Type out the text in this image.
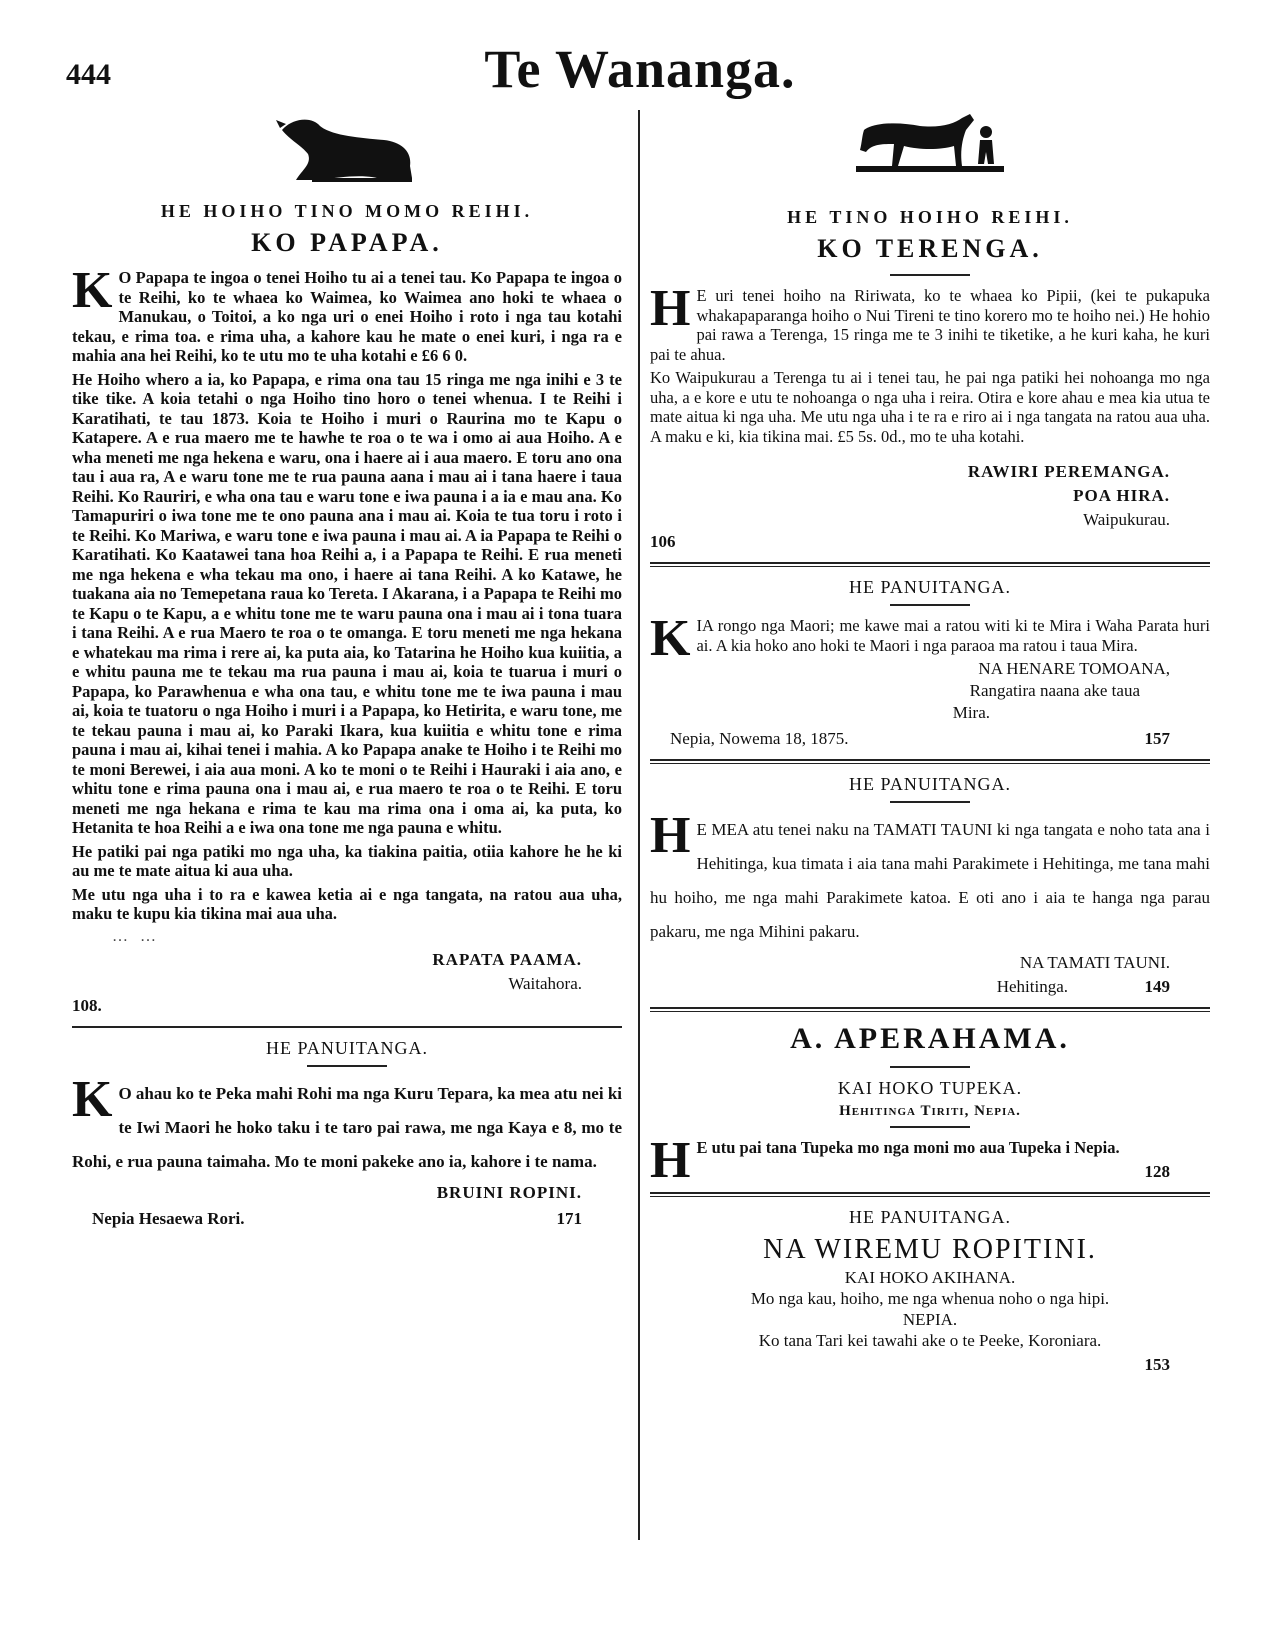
444	Te Wananga.
HE HOIHO TINO MOMO REIHI.
KO PAPAPA.
K O Papapa te ingoa o tenei Hoiho tu ai a tenei tau. Ko Papapa te ingoa o te Reihi, ko te whaea ko Waimea, ko Waimea ano hoki te whaea o Manukau, o Toitoi, a ko nga uri o enei Hoiho i roto i nga tau kotahi tekau, e rima toa. e rima uha, a kahore kau he mate o enei kuri, i nga ra e mahia ana hei Reihi, ko te utu mo te uha kotahi e £6 6 0.

He Hoiho whero a ia, ko Papapa, e rima ona tau 15 ringa me nga inihi e 3 te tike tike. A koia tetahi o nga Hoiho tino horo o tenei whenua. I te Reihi i Karatihati, te tau 1873. Koia te Hoiho i muri o Raurina mo te Kapu o Katapere. A e rua maero me te hawhe te roa o te wa i omo ai aua Hoiho. A e wha meneti me nga hekena e waru, ona i haere ai i aua maero. E toru ano ona tau i aua ra, A e waru tone me te rua pauna aana i mau ai i tana haere i taua Reihi. Ko Rauriri, e wha ona tau e waru tone e iwa pauna i a ia e mau ana. Ko Tamapuriri o iwa tone me te ono pauna ana i mau ai. Koia te tua toru i roto i te Reihi. Ko Mariwa, e waru tone e iwa pauna i mau ai. A ia Papapa te Reihi o Karatihati. Ko Kaatawei tana hoa Reihi a, i a Papapa te Reihi. E rua meneti me nga hekena e wha tekau ma ono, i haere ai tana Reihi. A ko Katawe, he tuakana aia no Temepetana raua ko Tereta. I Akarana, i a Papapa te Reihi mo te Kapu o te Kapu, a e whitu tone me te waru pauna ona i mau ai i tona tuara i tana Reihi. A e rua Maero te roa o te omanga. E toru meneti me nga hekana e whatekau ma rima i rere ai, ka puta aia, ko Tatarina he Hoiho kua kuiitia, a e whitu pauna me te tekau ma rua pauna i mau ai, koia te tuarua i muri o Papapa, ko Parawhenua e wha ona tau, e whitu tone me te iwa pauna i mau ai, koia te tuatoru o nga Hoiho i muri i a Papapa, ko Hetirita, e waru tone, me te tekau pauna i mau ai, ko Paraki Ikara, kua kuiitia e whitu tone e rima pauna i mau ai, kihai tenei i mahia. A ko Papapa anake te Hoiho i te Reihi mo te moni Berewei, i aia aua moni. A ko te moni o te Reihi i Hauraki i aia ano, e whitu tone e rima pauna ona i mau ai, e rua maero te roa o te Reihi. E toru meneti me nga hekana e rima te kau ma rima ona i oma ai, ka puta, ko Hetanita te hoa Reihi a e iwa ona tone me nga pauna e whitu.

He patiki pai nga patiki mo nga uha, ka tiakina paitia, otiia kahore he he ki au me te mate aitua ki aua uha.

Me utu nga uha i to ra e kawea ketia ai e nga tangata, na ratou aua uha, maku te kupu kia tikina mai aua uha.

… …
RAPATA PAAMA.
Waitahora.
108.
HE PANUITANGA.
K O ahau ko te Peka mahi Rohi ma nga Kuru Tepara, ka mea atu nei ki te Iwi Maori he hoko taku i te taro pai rawa, me nga Kaya e 8, mo te Rohi, e rua pauna taimaha. Mo te moni pakeke ano ia, kahore i te nama.

BRUINI ROPINI.
Nepia Hesaewa Rori.	171
HE TINO HOIHO REIHI.
KO TERENGA.
H E uri tenei hoiho na Ririwata, ko te whaea ko Pipii, (kei te pukapuka whakapaparanga hoiho o Nui Tireni te tino korero mo te hoiho nei.) He hohio pai rawa a Terenga, 15 ringa me te 3 inihi te tiketike, a he kuri kaha, he kuri pai te ahua.

Ko Waipukurau a Terenga tu ai i tenei tau, he pai nga patiki hei nohoanga mo nga uha, a e kore e utu te nohoanga o nga uha i reira. Otira e kore ahau e mea kia utua te mate aitua ki nga uha. Me utu nga uha i te ra e riro ai i nga tangata na ratou aua uha. A maku e ki, kia tikina mai. £5 5s. 0d., mo te uha kotahi.

RAWIRI PEREMANGA.
POA HIRA.
Waipukurau.
106
HE PANUITANGA.
K IA rongo nga Maori; me kawe mai a ratou witi ki te Mira i Waha Parata huri ai. A kia hoko ano hoki te Maori i nga paraoa ma ratou i taua Mira.

NA HENARE TOMOANA,
Rangatira naana ake taua
Mira.
Nepia, Nowema 18, 1875.	157
HE PANUITANGA.
H E MEA atu tenei naku na TAMATI TAUNI ki nga tangata e noho tata ana i Hehitinga, kua timata i aia tana mahi Parakimete i Hehitinga, me tana mahi hu hoiho, me nga mahi Parakimete katoa. E oti ano i aia te hanga nga parau pakaru, me nga Mihini pakaru.

NA TAMATI TAUNI.
Hehitinga.	149
A. APERAHAMA.
KAI HOKO TUPEKA.
Hehitinga Tiriti, Nepia.
H E utu pai tana Tupeka mo nga moni mo aua Tupeka i Nepia.

128
HE PANUITANGA.
NA WIREMU ROPITINI.
KAI HOKO AKIHANA.
Mo nga kau, hoiho, me nga whenua noho o nga hipi.
NEPIA.
Ko tana Tari kei tawahi ake o te Peeke, Koroniara.
153
